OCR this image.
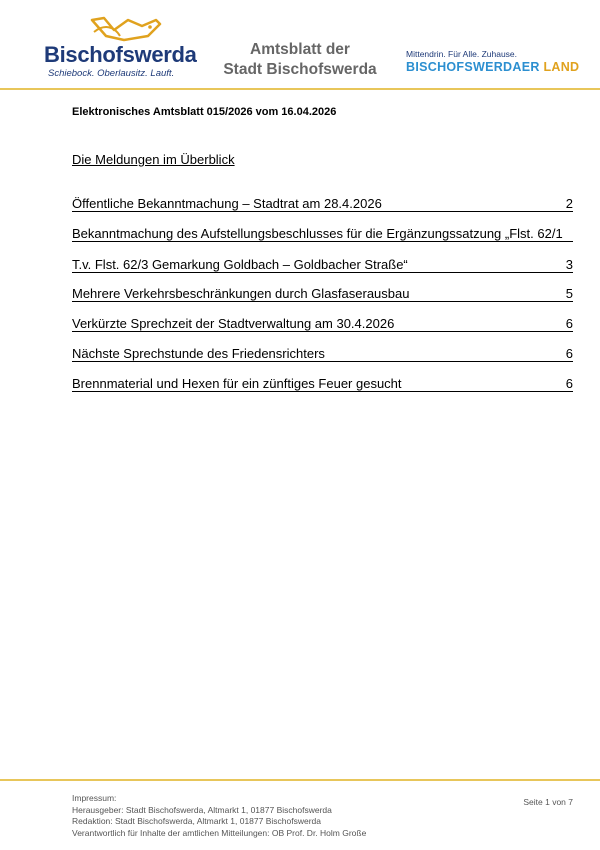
Bischofswerda
Schiebock. Oberlausitz. Lauft.
Amtsblatt der
Stadt Bischofswerda
Mittendrin. Für Alle. Zuhause.
BISCHOFSWERDAER LAND
Elektronisches Amtsblatt 015/2026 vom 16.04.2026
Die Meldungen im Überblick
Öffentliche Bekanntmachung – Stadtrat am 28.4.2026	2
Bekanntmachung des Aufstellungsbeschlusses für die Ergänzungssatzung „Flst. 62/1
T.v. Flst. 62/3 Gemarkung Goldbach – Goldbacher Straße“	3
Mehrere Verkehrsbeschränkungen durch Glasfaserausbau	5
Verkürzte Sprechzeit der Stadtverwaltung am 30.4.2026	6
Nächste Sprechstunde des Friedensrichters	6
Brennmaterial und Hexen für ein zünftiges Feuer gesucht	6
Impressum:
Herausgeber: Stadt Bischofswerda, Altmarkt 1, 01877 Bischofswerda
Redaktion: Stadt Bischofswerda, Altmarkt 1, 01877 Bischofswerda
Verantwortlich für Inhalte der amtlichen Mitteilungen: OB Prof. Dr. Holm Große
Seite 1 von 7
